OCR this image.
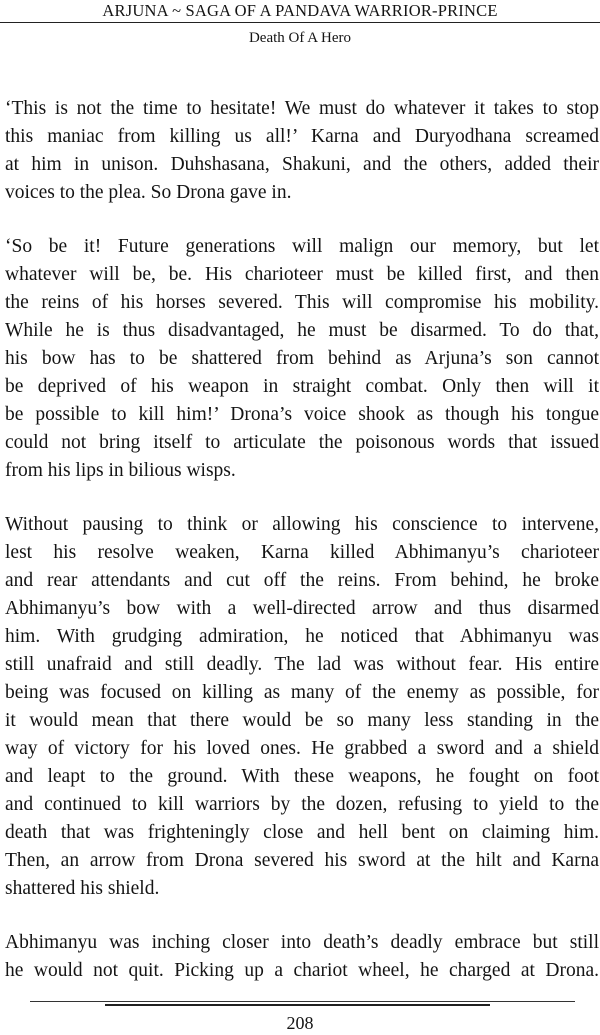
ARJUNA ~ SAGA OF A PANDAVA WARRIOR-PRINCE
Death Of A Hero

‘This is not the time to hesitate! We must do whatever it takes to stop
this maniac from killing us all!’ Karna and Duryodhana screamed
at him in unison. Duhshasana, Shakuni, and the others, added their
voices to the plea. So Drona gave in.

‘So be it! Future generations will malign our memory, but let
whatever will be, be. His charioteer must be killed first, and then
the reins of his horses severed. This will compromise his mobility.
While he is thus disadvantaged, he must be disarmed. To do that,
his bow has to be shattered from behind as Arjuna’s son cannot
be deprived of his weapon in straight combat. Only then will it
be possible to kill him!’ Drona’s voice shook as though his tongue
could not bring itself to articulate the poisonous words that issued
from his lips in bilious wisps.

Without pausing to think or allowing his conscience to intervene,
lest his resolve weaken, Karna killed Abhimanyu’s charioteer
and rear attendants and cut off the reins. From behind, he broke
Abhimanyu’s bow with a well-directed arrow and thus disarmed
him. With grudging admiration, he noticed that Abhimanyu was
still unafraid and still deadly. The lad was without fear. His entire
being was focused on killing as many of the enemy as possible, for
it would mean that there would be so many less standing in the
way of victory for his loved ones. He grabbed a sword and a shield
and leapt to the ground. With these weapons, he fought on foot
and continued to kill warriors by the dozen, refusing to yield to the
death that was frighteningly close and hell bent on claiming him.
Then, an arrow from Drona severed his sword at the hilt and Karna
shattered his shield.

Abhimanyu was inching closer into death’s deadly embrace but still
he would not quit. Picking up a chariot wheel, he charged at Drona.

208
